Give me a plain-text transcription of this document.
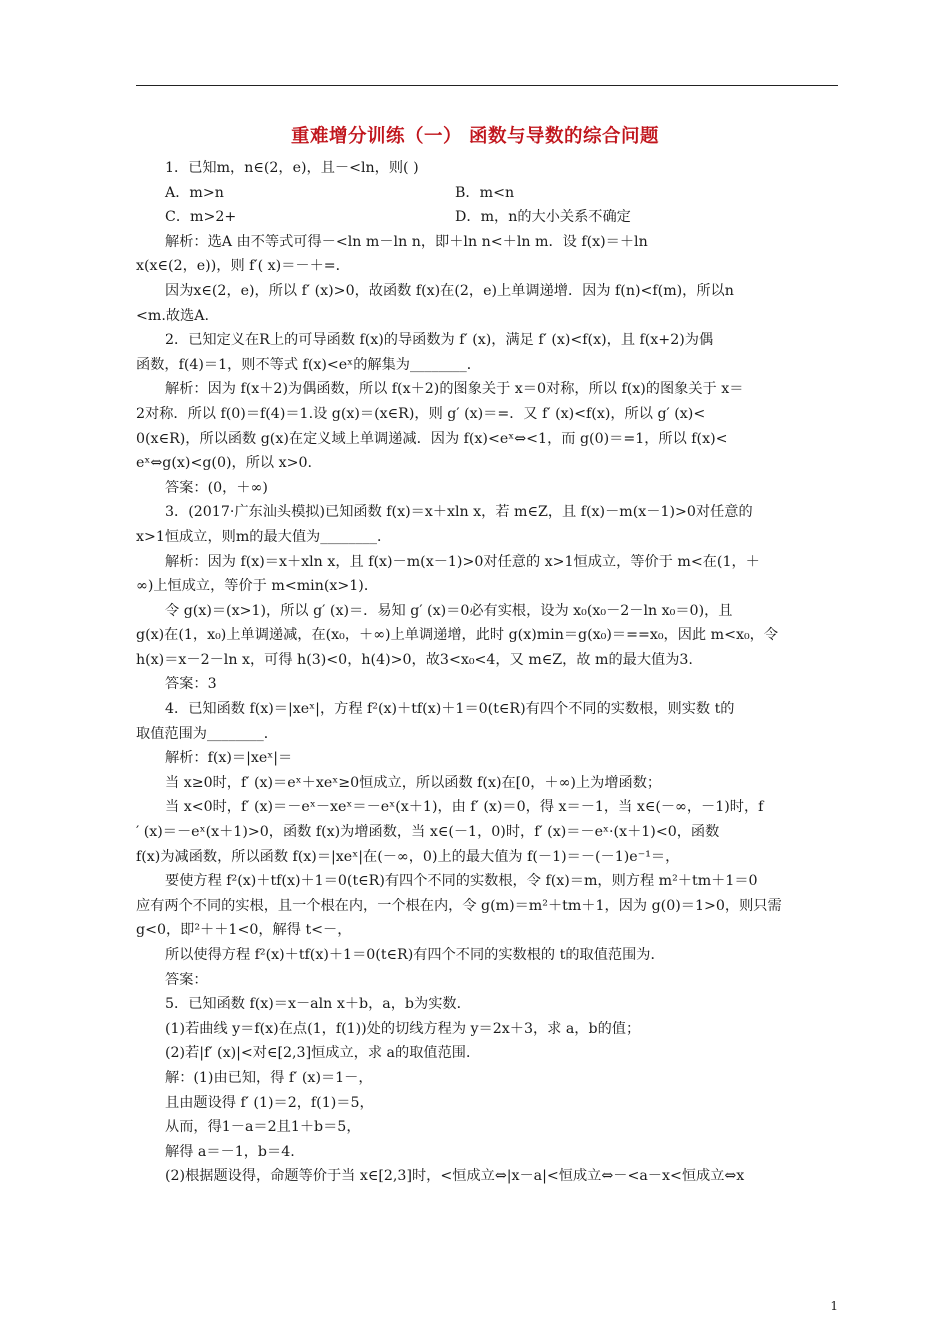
重难增分训练（一） 函数与导数的综合问题
1．已知m，n∈(2，e)，且－<ln，则( )
A．m>n	B．m<n
C．m>2+	D．m，n的大小关系不确定
解析：选A 由不等式可得－<ln m－ln n，即＋ln n<＋ln m．设 f(x)＝＋ln
x(x∈(2，e))，则 f′( x)＝－＋=．
因为x∈(2，e)，所以 f′ (x)>0，故函数 f(x)在(2，e)上单调递增．因为 f(n)<f(m)，所以n
<m.故选A.
2．已知定义在R上的可导函数 f(x)的导函数为 f′ (x)，满足 f′ (x)<f(x)，且 f(x+2)为偶
函数，f(4)＝1，则不等式 f(x)<eˣ的解集为________．
解析：因为 f(x＋2)为偶函数，所以 f(x＋2)的图象关于 x＝0对称，所以 f(x)的图象关于 x＝
2对称．所以 f(0)＝f(4)＝1.设 g(x)＝(x∈R)，则 g′ (x)＝=．又 f′ (x)<f(x)，所以 g′ (x)<
0(x∈R)，所以函数 g(x)在定义域上单调递减．因为 f(x)<eˣ⇔<1，而 g(0)＝=1，所以 f(x)<
eˣ⇔g(x)<g(0)，所以 x>0.
答案：(0，＋∞)
3．(2017·广东汕头模拟)已知函数 f(x)＝x＋xln x，若 m∈Z，且 f(x)－m(x－1)>0对任意的
x>1恒成立，则m的最大值为________．
解析：因为 f(x)＝x＋xln x，且 f(x)－m(x－1)>0对任意的 x>1恒成立，等价于 m<在(1，＋
∞)上恒成立，等价于 m<min(x>1)．
令 g(x)＝(x>1)，所以 g′ (x)＝．易知 g′ (x)＝0必有实根，设为 x₀(x₀－2－ln x₀＝0)，且
g(x)在(1，x₀)上单调递减，在(x₀，＋∞)上单调递增，此时 g(x)min＝g(x₀)＝==x₀，因此 m<x₀，令
h(x)＝x－2－ln x，可得 h(3)<0，h(4)>0，故3<x₀<4，又 m∈Z，故 m的最大值为3.
答案：3
4．已知函数 f(x)＝|xeˣ|，方程 f²(x)＋tf(x)＋1＝0(t∈R)有四个不同的实数根，则实数 t的
取值范围为________．
解析：f(x)＝|xeˣ|＝
当 x≥0时，f′ (x)＝eˣ＋xeˣ≥0恒成立，所以函数 f(x)在[0，＋∞)上为增函数；
当 x<0时，f′ (x)＝－eˣ－xeˣ＝－eˣ(x＋1)，由 f′ (x)＝0，得 x＝－1，当 x∈(－∞，－1)时，f
′ (x)＝－eˣ(x＋1)>0，函数 f(x)为增函数，当 x∈(－1，0)时，f′ (x)＝－eˣ·(x＋1)<0，函数
f(x)为减函数，所以函数 f(x)＝|xeˣ|在(－∞，0)上的最大值为 f(－1)＝－(－1)e⁻¹＝，
要使方程 f²(x)＋tf(x)＋1＝0(t∈R)有四个不同的实数根，令 f(x)＝m，则方程 m²＋tm＋1＝0
应有两个不同的实根，且一个根在内，一个根在内，令 g(m)＝m²＋tm＋1，因为 g(0)＝1>0，则只需
g<0，即²＋＋1<0，解得 t<－，
所以使得方程 f²(x)＋tf(x)＋1＝0(t∈R)有四个不同的实数根的 t的取值范围为．
答案：
5．已知函数 f(x)＝x－aln x＋b，a，b为实数．
(1)若曲线 y＝f(x)在点(1，f(1))处的切线方程为 y＝2x＋3，求 a，b的值；
(2)若|f′ (x)|<对∈[2,3]恒成立，求 a的取值范围．
解：(1)由已知，得 f′ (x)＝1－，
且由题设得 f′ (1)＝2，f(1)＝5，
从而，得1－a＝2且1＋b＝5，
解得 a＝－1，b＝4.
(2)根据题设得，命题等价于当 x∈[2,3]时，<恒成立⇔|x－a|<恒成立⇔－<a－x<恒成立⇔x
1
